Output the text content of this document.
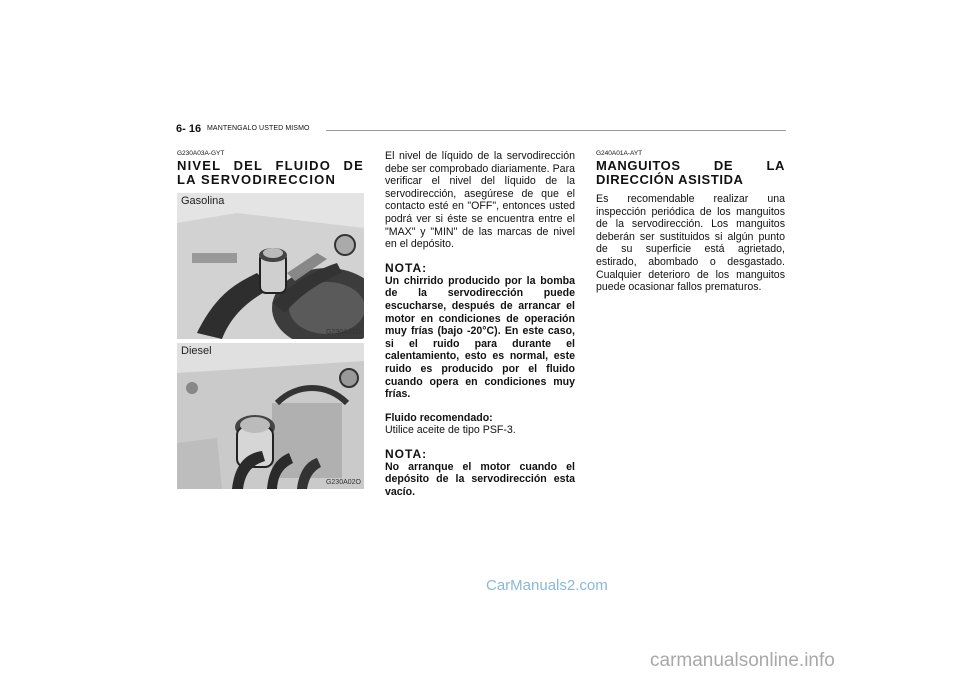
6- 16 MANTENGALO USTED MISMO
G230A03A-GYT
NIVEL DEL FLUIDO DE LA SERVODIRECCION
Gasolina
G230A01O
Diesel
G230A02O

El nivel de líquido de la servodirección debe ser comprobado diariamente. Para verificar el nivel del líquido de la servodirección, asegúrese de que el contacto esté en "OFF", entonces usted podrá ver si éste se encuentra entre el "MAX" y "MIN" de las marcas de nivel en el depósito.

NOTA:

Un chirrido producido por la bomba de la servodirección puede escucharse, después de arrancar el motor en condiciones de operación muy frías (bajo -20°C). En este caso, si el ruido para durante el calentamiento, esto es normal, este ruido es producido por el fluido cuando opera en condiciones muy frías.

Fluido recomendado:

Utilice aceite de tipo PSF-3.

NOTA:

No arranque el motor cuando el depósito de la servodirección esta vacío.

G240A01A-AYT
MANGUITOS DE LA DIRECCIÓN ASISTIDA

Es recomendable realizar una inspección periódica de los manguitos de la servodirección. Los manguitos deberán ser sustituidos si algún punto de su superficie está agrietado, estirado, abombado o desgastado. Cualquier deterioro de los manguitos puede ocasionar fallos prematuros.

CarManuals2.com
carmanualsonline.info
